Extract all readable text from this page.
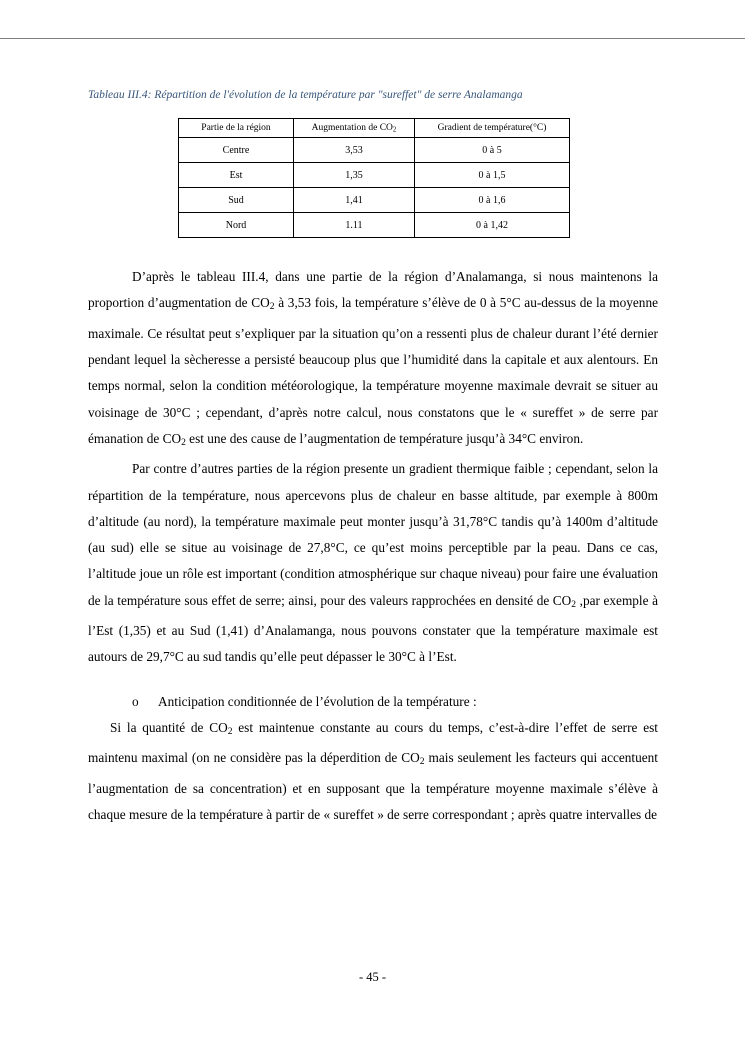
Tableau III.4: Répartition de l'évolution de la température par "sureffet" de serre Analamanga

Partie de la région	Augmentation de $CO_2$	Gradient de température(°C)
Centre	3,53	0 à 5
Est	1,35	0 à 1,5
Sud	1,41	0 à 1,6
Nord	1.11	0 à 1,42

D’après le tableau III.4, dans une partie de la région d’Analamanga, si nous maintenons la proportion d’augmentation de $CO_2$ à 3,53 fois, la température s’élève de 0 à 5°C au-dessus de la moyenne maximale. Ce résultat peut s’expliquer par la situation qu’on a ressenti plus de chaleur durant l’été dernier pendant lequel la sècheresse a persisté beaucoup plus que l’humidité dans la capitale et aux alentours. En temps normal, selon la condition météorologique, la température moyenne maximale devrait se situer au voisinage de 30°C ; cependant, d’après notre calcul, nous constatons que le « sureffet » de serre par émanation de $CO_2$ est une des cause de l’augmentation de température jusqu’à 34°C environ.

Par contre d’autres parties de la région presente un gradient thermique faible ; cependant, selon la répartition de la température, nous apercevons plus de chaleur en basse altitude, par exemple à 800m d’altitude (au nord), la température maximale peut monter jusqu’à 31,78°C tandis qu’à 1400m d’altitude (au sud) elle se situe au voisinage de 27,8°C, ce qu’est moins perceptible par la peau. Dans ce cas, l’altitude joue un rôle est important (condition atmosphérique sur chaque niveau) pour faire une évaluation de la température sous effet de serre; ainsi, pour des valeurs rapprochées en densité de $CO_2$ ,par exemple à l’Est (1,35) et au Sud (1,41) d’Analamanga, nous pouvons constater que la température maximale est autours de 29,7°C au sud tandis qu’elle peut dépasser le 30°C à l’Est.

o Anticipation conditionnée de l’évolution de la température :

Si la quantité de $CO_2$ est maintenue constante au cours du temps, c’est-à-dire l’effet de serre est maintenu maximal (on ne considère pas la déperdition de $CO_2$ mais seulement les facteurs qui accentuent l’augmentation de sa concentration) et en supposant que la température moyenne maximale s’élève à chaque mesure de la température à partir de « sureffet » de serre correspondant ; après quatre intervalles de

- 45 -
